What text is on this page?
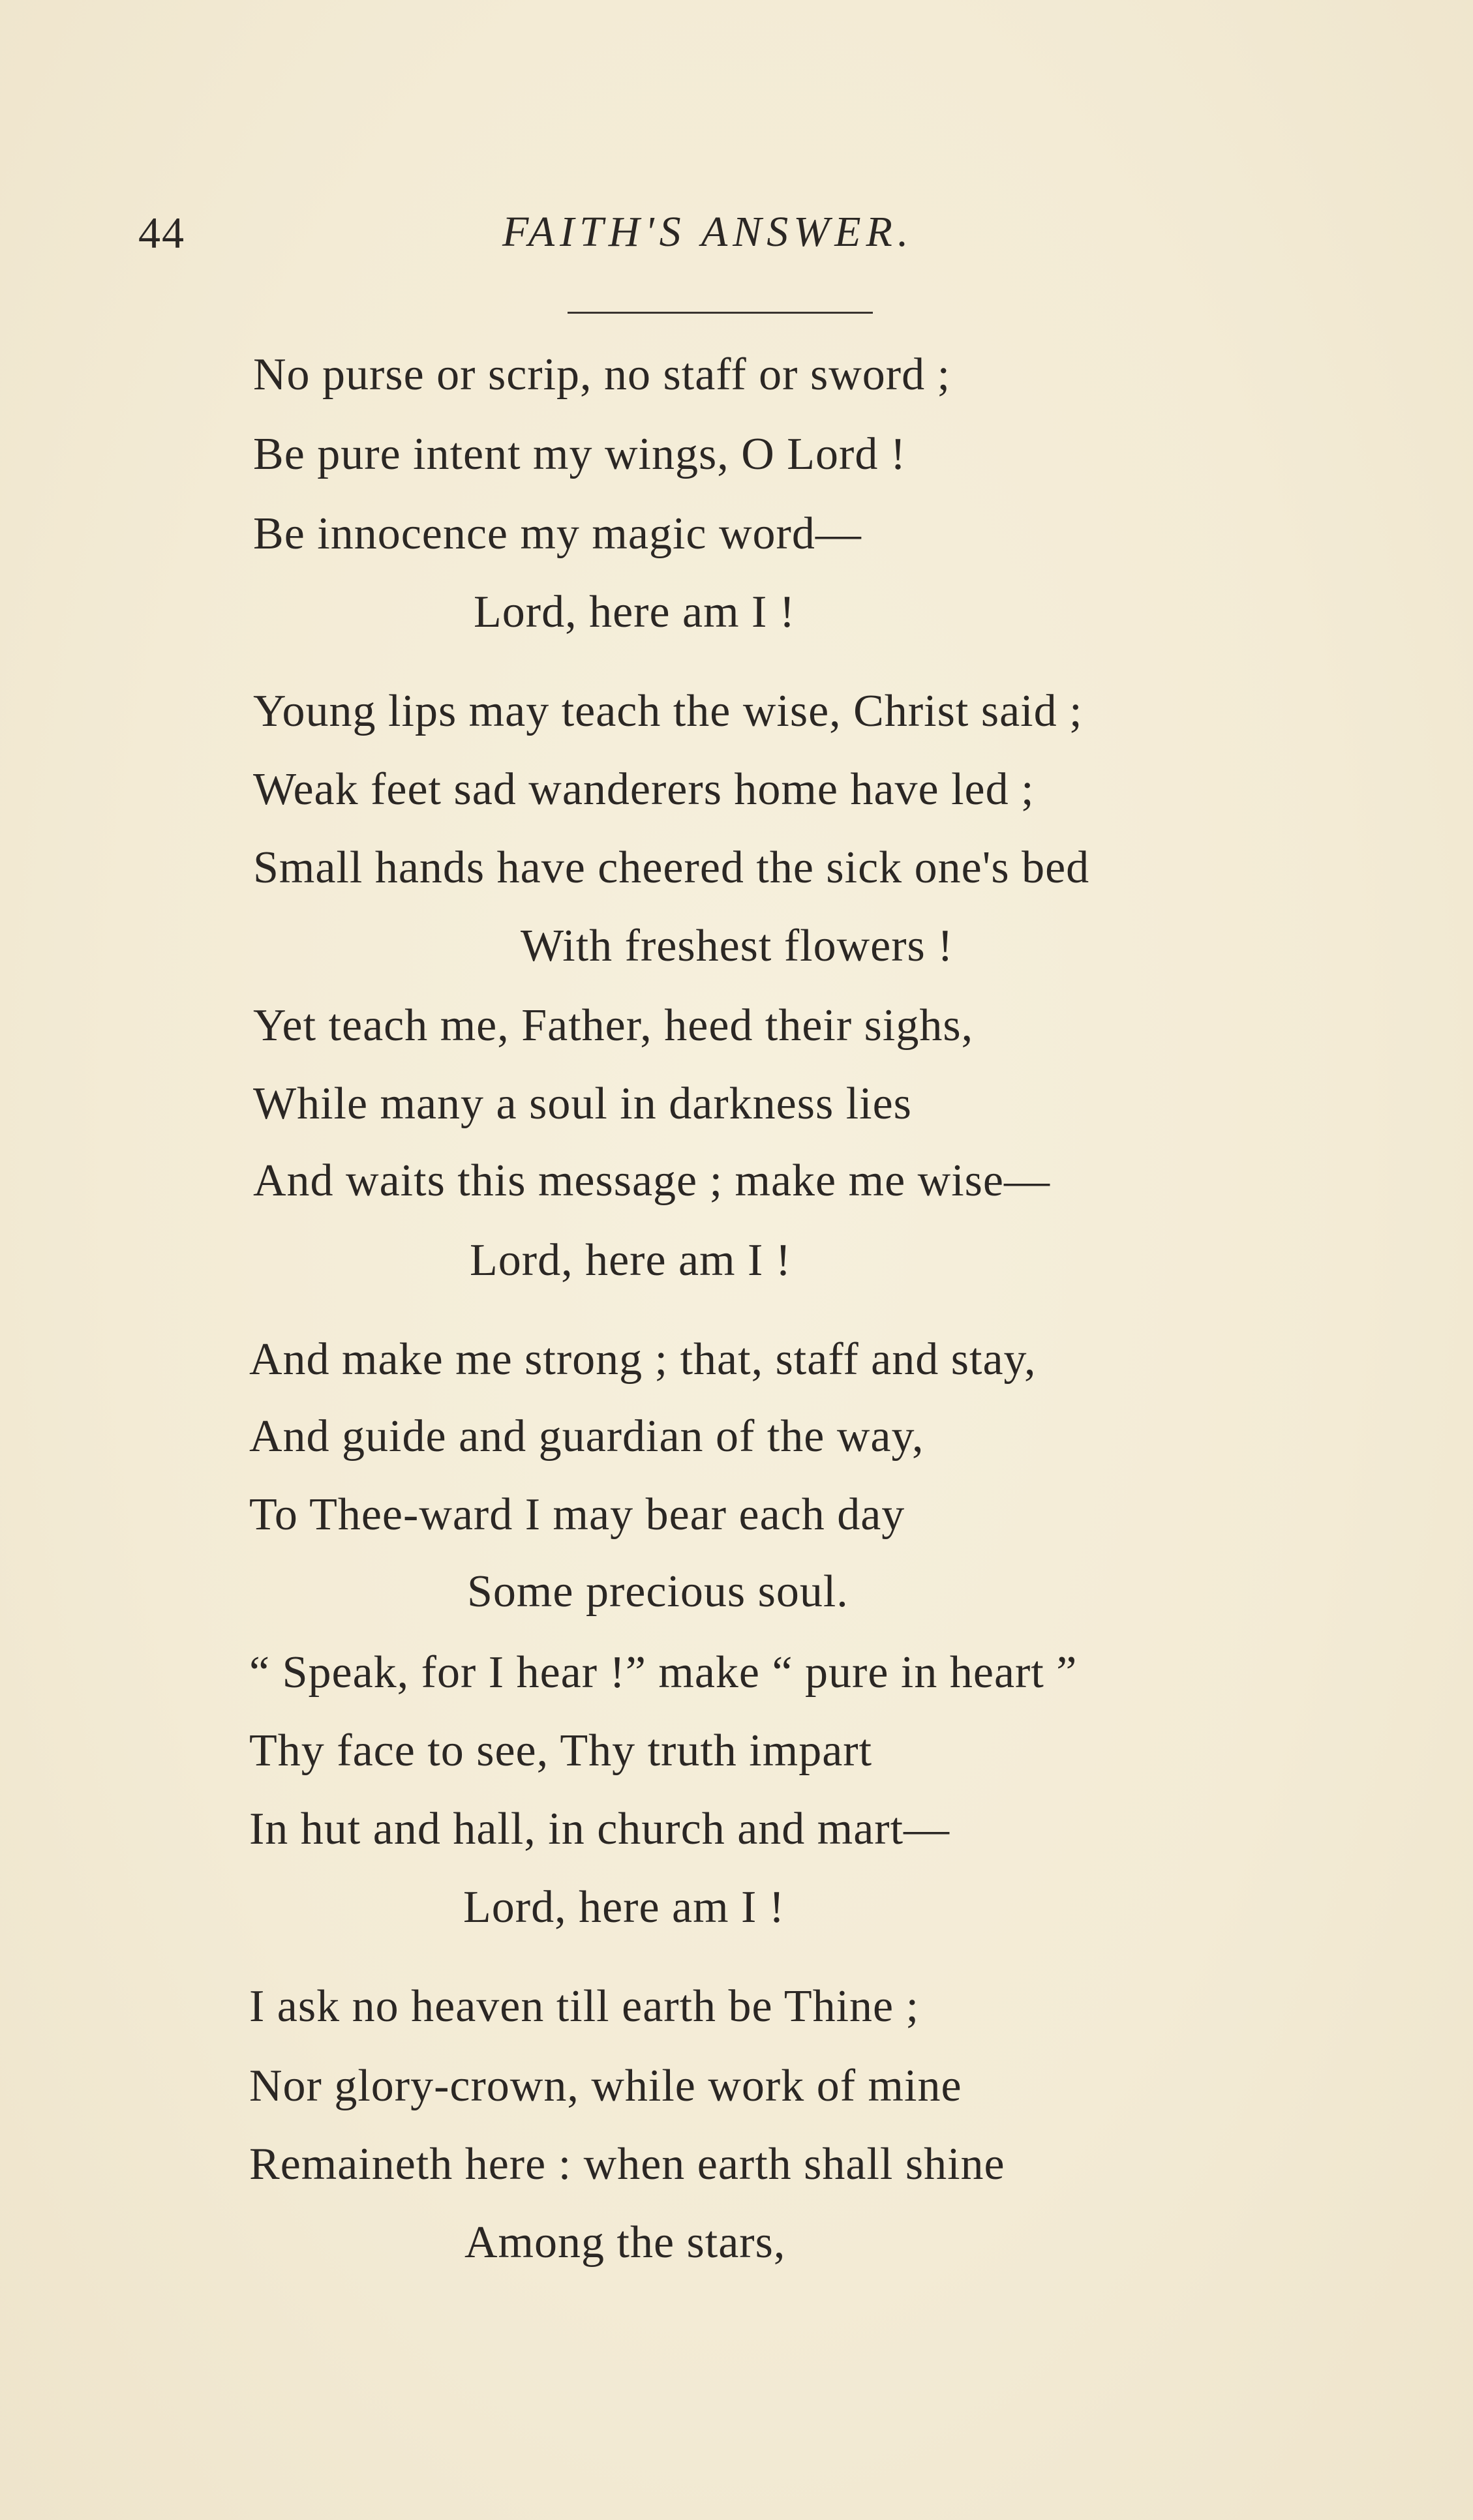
44	FAITH'S ANSWER.
No purse or scrip, no staff or sword ;
Be pure intent my wings, O Lord !
Be innocence my magic word—
Lord, here am I !
Young lips may teach the wise, Christ said ;
Weak feet sad wanderers home have led ;
Small hands have cheered the sick one's bed
With freshest flowers !
Yet teach me, Father, heed their sighs,
While many a soul in darkness lies
And waits this message ; make me wise—
Lord, here am I !
And make me strong ; that, staff and stay,
And guide and guardian of the way,
To Thee-ward I may bear each day
Some precious soul.
“ Speak, for I hear !” make “ pure in heart ”
Thy face to see, Thy truth impart
In hut and hall, in church and mart—
Lord, here am I !
I ask no heaven till earth be Thine ;
Nor glory-crown, while work of mine
Remaineth here : when earth shall shine
Among the stars,
